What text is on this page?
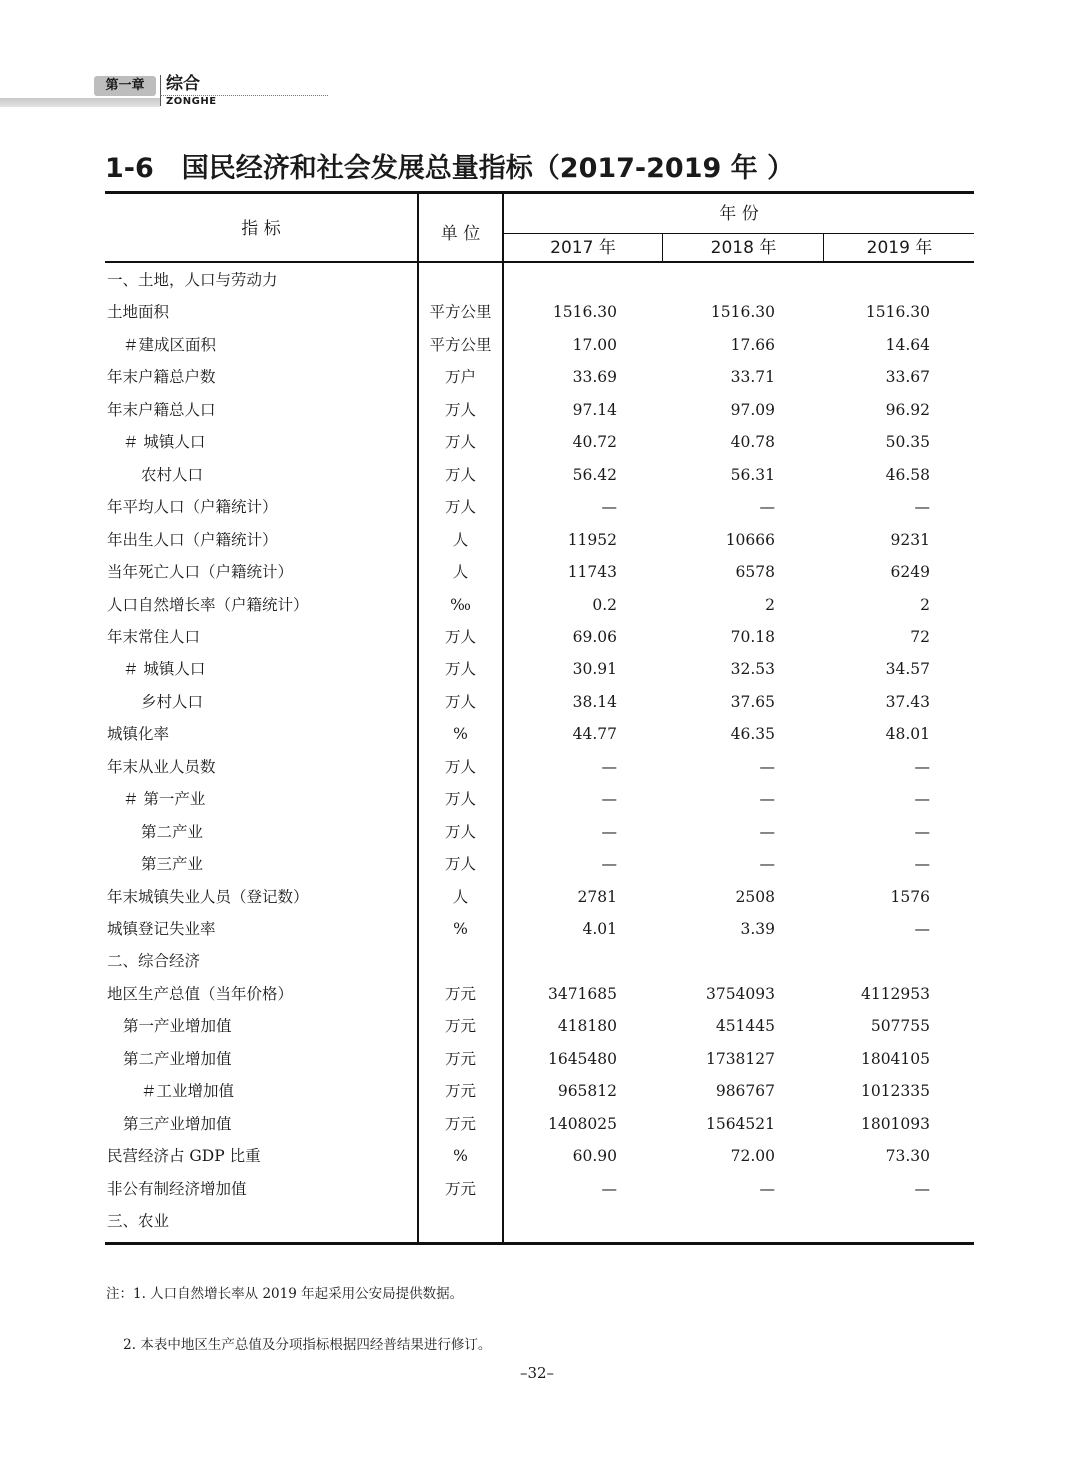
第一章	综合
ZONGHE
1-6 国民经济和社会发展总量指标（2017-2019 年 ）
指 标	单 位
年 份
2017 年	2018 年	2019 年
一、土地，人口与劳动力
土地面积	平方公里	1516.30	1516.30	1516.30
＃建成区面积	平方公里	17.00	17.66	14.64
年末户籍总户数	万户	33.69	33.71	33.67
年末户籍总人口	万人	97.14	97.09	96.92
＃ 城镇人口	万人	40.72	40.78	50.35
农村人口	万人	56.42	56.31	46.58
年平均人口（户籍统计）	万人	—	—	—
年出生人口（户籍统计）	人	11952	10666	9231
当年死亡人口（户籍统计）	人	11743	6578	6249
人口自然增长率（户籍统计）	‰	0.2	2	2
年末常住人口	万人	69.06	70.18	72
＃ 城镇人口	万人	30.91	32.53	34.57
乡村人口	万人	38.14	37.65	37.43
城镇化率	%	44.77	46.35	48.01
年末从业人员数	万人	—	—	—
＃ 第一产业	万人	—	—	—
第二产业	万人	—	—	—
第三产业	万人	—	—	—
年末城镇失业人员（登记数）	人	2781	2508	1576
城镇登记失业率	%	4.01	3.39	—
二、综合经济
地区生产总值（当年价格）	万元	3471685	3754093	4112953
第一产业增加值	万元	418180	451445	507755
第二产业增加值	万元	1645480	1738127	1804105
＃工业增加值	万元	965812	986767	1012335
第三产业增加值	万元	1408025	1564521	1801093
民营经济占 GDP 比重	%	60.90	72.00	73.30
非公有制经济增加值	万元	—	—	—
三、农业

注：1. 人口自然增长率从 2019 年起采用公安局提供数据。

2. 本表中地区生产总值及分项指标根据四经普结果进行修订。

–32–
